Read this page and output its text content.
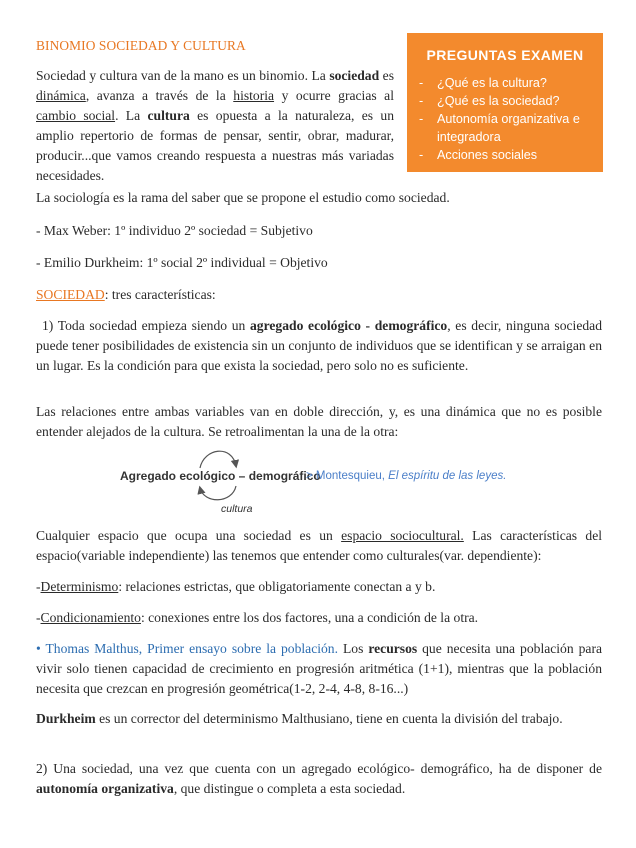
BINOMIO SOCIEDAD Y CULTURA

Sociedad y cultura van de la mano es un binomio. La sociedad es dinámica, avanza a través de la historia y ocurre gracias al cambio social. La cultura es opuesta a la naturaleza, es un amplio repertorio de formas de pensar, sentir, obrar, madurar, producir...que vamos creando respuesta a nuestras más variadas necesidades.

PREGUNTAS EXAMEN
- ¿Qué es la cultura?
- ¿Qué es la sociedad?
- Autonomía organizativa e integradora
- Acciones sociales

La sociología es la rama del saber que se propone el estudio como sociedad.

- Max Weber: 1º individuo 2º sociedad = Subjetivo

- Emilio Durkheim: 1º social 2º individual = Objetivo

SOCIEDAD: tres características:

1) Toda sociedad empieza siendo un agregado ecológico - demográfico, es decir, ninguna sociedad puede tener posibilidades de existencia sin un conjunto de individuos que se identifican y se arraigan en un lugar. Es la condición para que exista la sociedad, pero solo no es suficiente.

Las relaciones entre ambas variables van en doble dirección, y, es una dinámica que no es posible entender alejados de la cultura. Se retroalimentan la una de la otra:

Agregado ecológico – demográfico
> Montesquieu, El espíritu de las leyes.
cultura

Cualquier espacio que ocupa una sociedad es un espacio sociocultural. Las características del espacio(variable independiente) las tenemos que entender como culturales(var. dependiente):

-Determinismo: relaciones estrictas, que obligatoriamente conectan a y b.

-Condicionamiento: conexiones entre los dos factores, una a condición de la otra.

• Thomas Malthus, Primer ensayo sobre la población. Los recursos que necesita una población para vivir solo tienen capacidad de crecimiento en progresión aritmética (1+1), mientras que la población necesita que crezcan en progresión geométrica(1-2, 2-4, 4-8, 8-16...)

Durkheim es un corrector del determinismo Malthusiano, tiene en cuenta la división del trabajo.

2) Una sociedad, una vez que cuenta con un agregado ecológico- demográfico, ha de disponer de autonomía organizativa, que distingue o completa a esta sociedad.
